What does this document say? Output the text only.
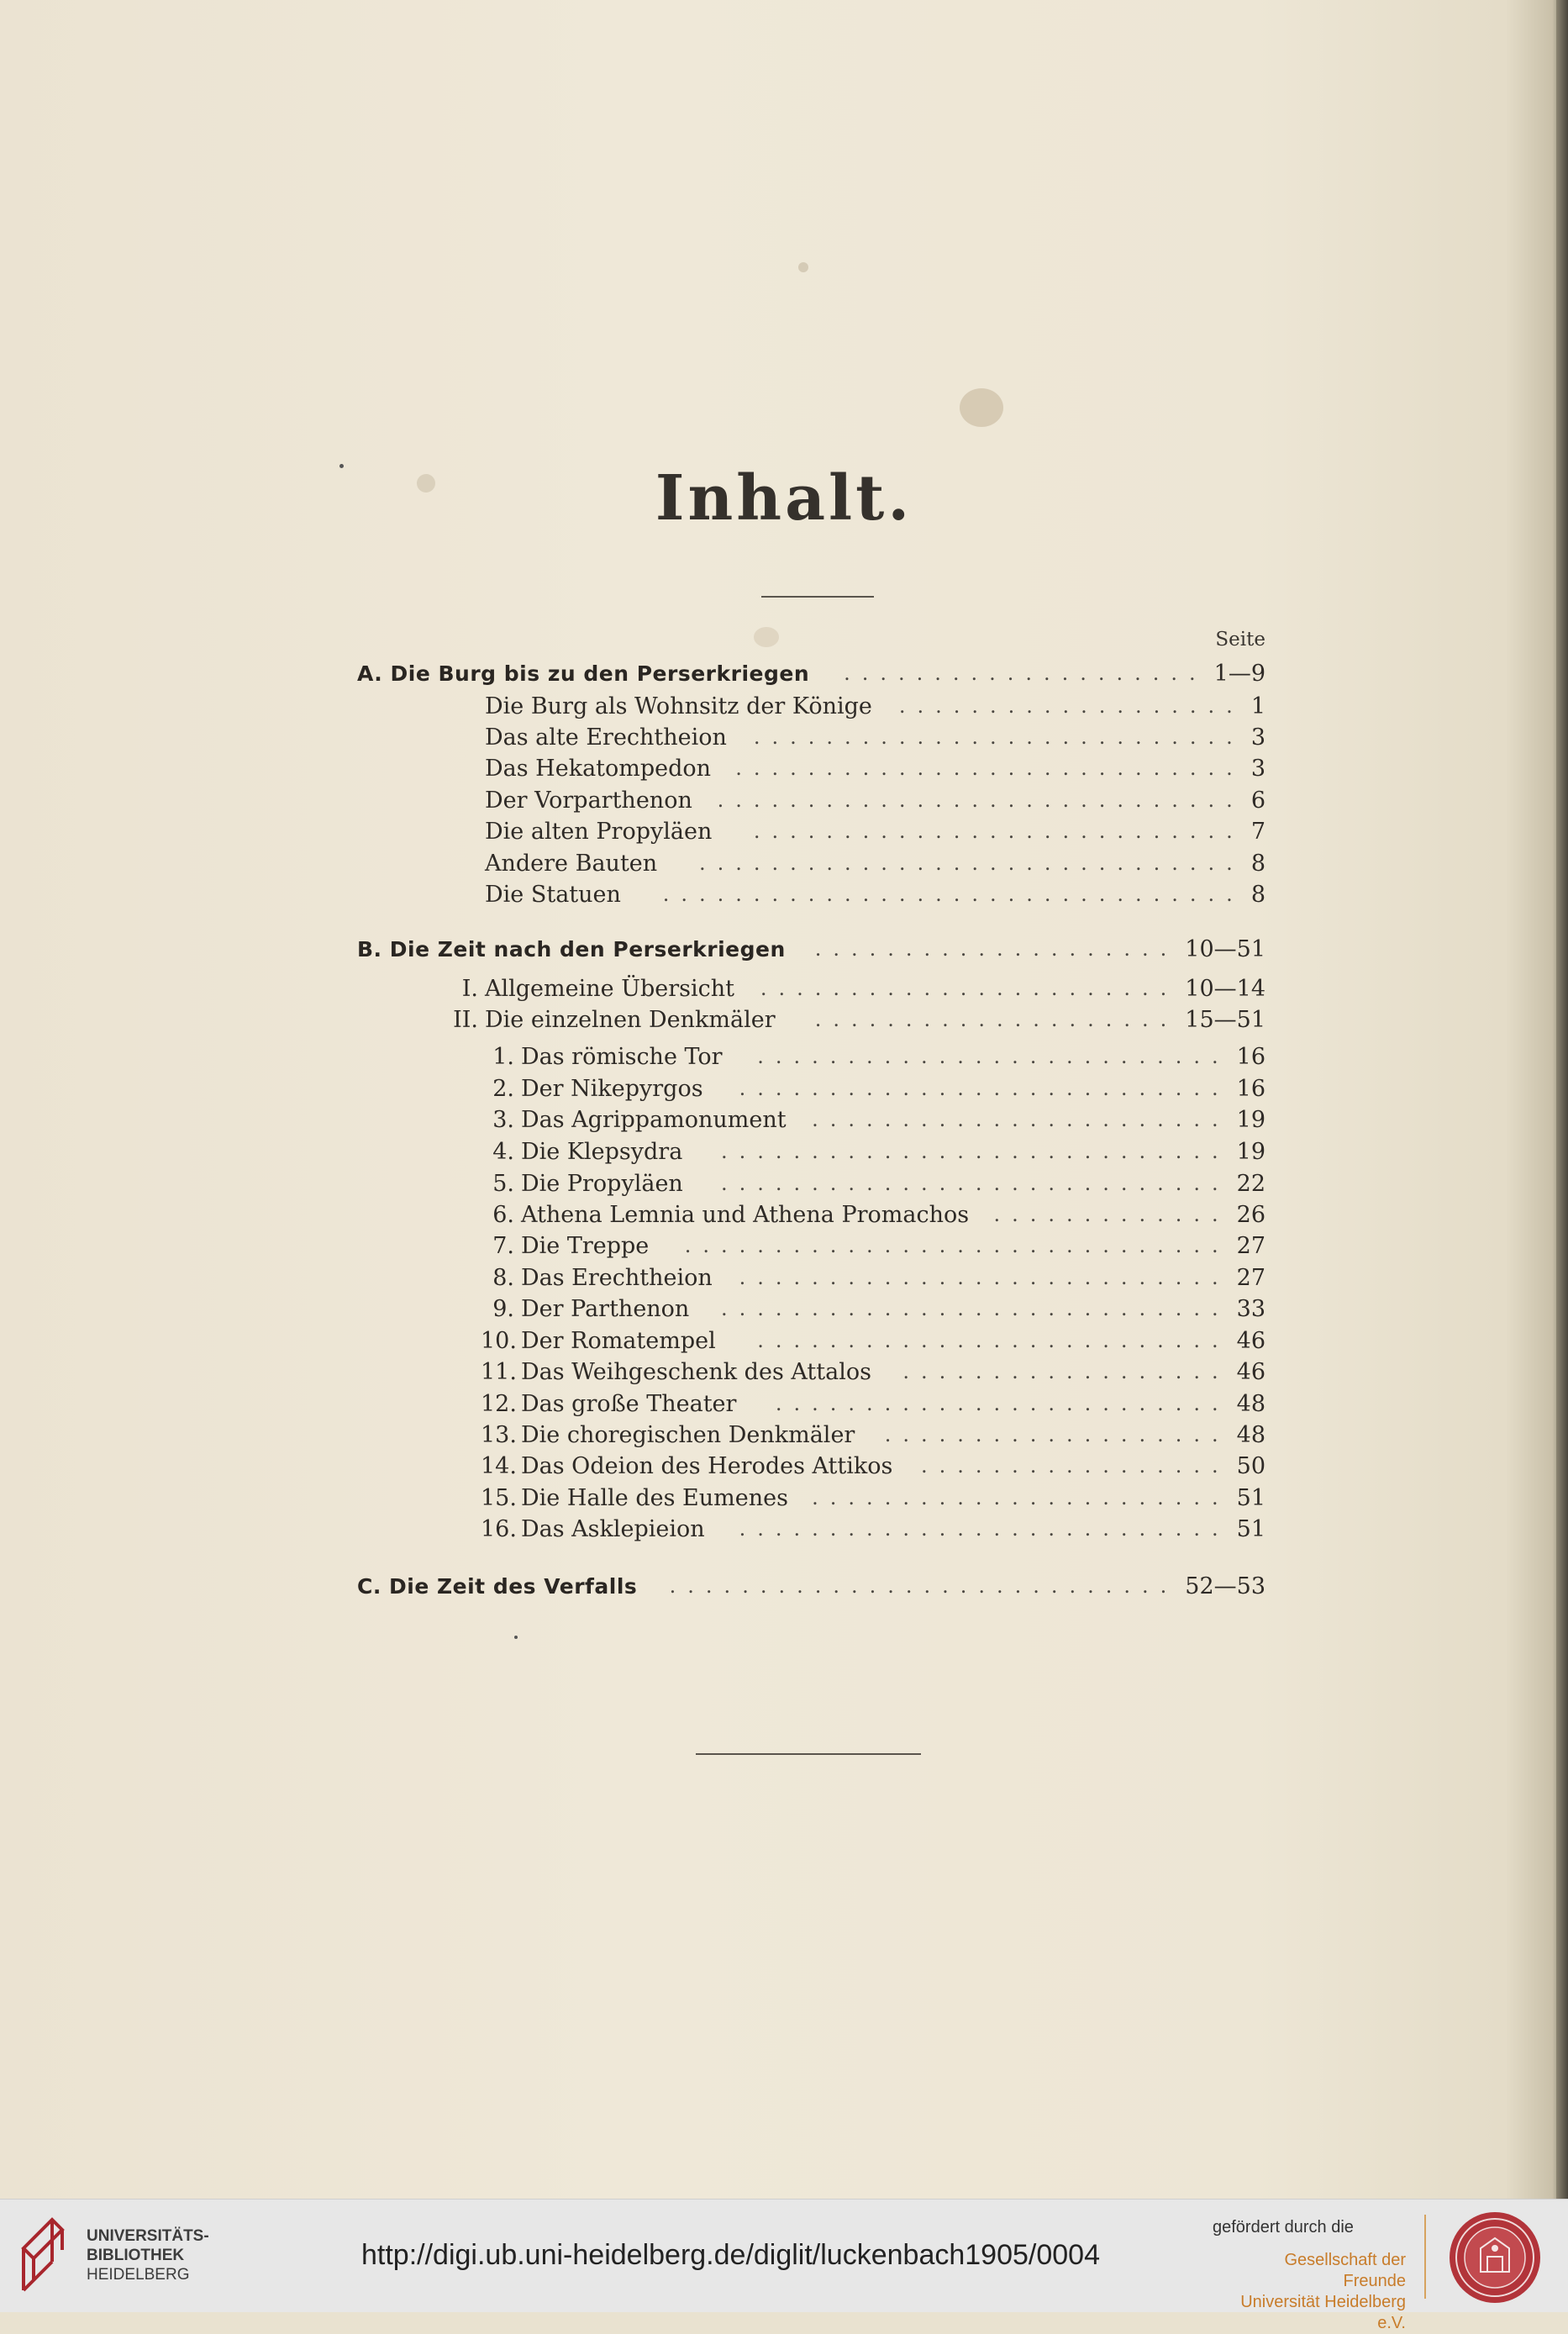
Inhalt.
Seite
A. Die Burg bis zu den Perserkriegen	1—9
....................
Die Burg als Wohnsitz der Könige	1
...................
Das alte Erechtheion	3
...........................
Das Hekatompedon	3
............................
Der Vorparthenon	6
.............................
Die alten Propyläen	7
...........................
Andere Bauten	8
..............................
Die Statuen	8
................................
B. Die Zeit nach den Perserkriegen	10—51
....................
I. Allgemeine Übersicht	10—14
.......................
II. Die einzelnen Denkmäler	15—51
....................
1. Das römische Tor	16
..........................
2. Der Nikepyrgos	16
...........................
3. Das Agrippamonument	19
.......................
4. Die Klepsydra	19
............................
5. Die Propyläen	22
............................
6. Athena Lemnia und Athena Promachos	26
.............
7. Die Treppe	27
..............................
8. Das Erechtheion	27
...........................
9. Der Parthenon	33
............................
10. Der Romatempel	46
..........................
11. Das Weihgeschenk des Attalos	46
..................
12. Das große Theater	48
.........................
13. Die choregischen Denkmäler	48
...................
14. Das Odeion des Herodes Attikos	50
.................
15. Die Halle des Eumenes	51
.......................
16. Das Asklepieion	51
...........................
C. Die Zeit des Verfalls	52—53
............................
UNIVERSITÄTS-
BIBLIOTHEK
HEIDELBERG
http://digi.ub.uni-heidelberg.de/diglit/luckenbach1905/0004
gefördert durch die
Gesellschaft der Freunde
Universität Heidelberg e.V.
